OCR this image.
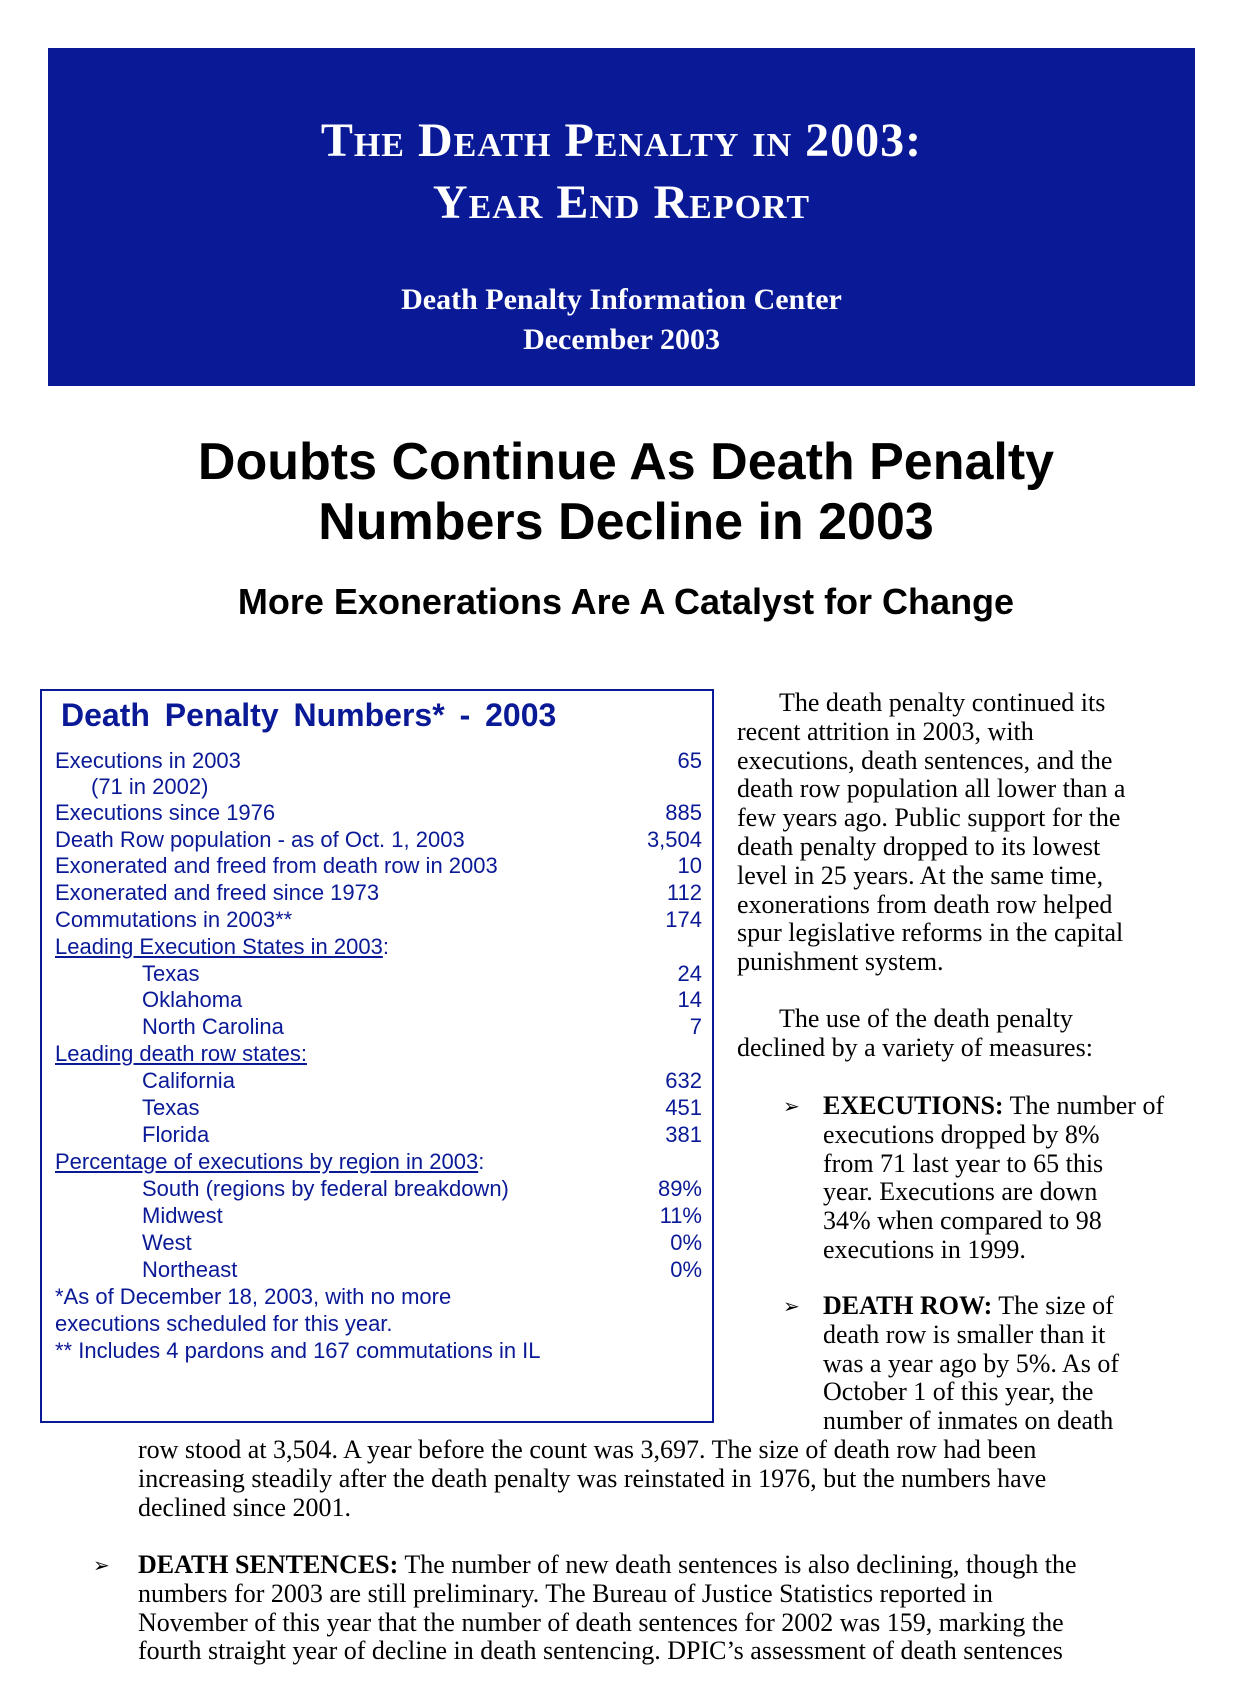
The Death Penalty in 2003:
Year End Report
Death Penalty Information Center
December 2003
Doubts Continue As Death Penalty
Numbers Decline in 2003
More Exonerations Are A Catalyst for Change
Death Penalty Numbers* - 2003
Executions in 2003	65
(71 in 2002)
Executions since 1976	885
Death Row population - as of Oct. 1, 2003	3,504
Exonerated and freed from death row in 2003	10
Exonerated and freed since 1973	112
Commutations in 2003**	174
Leading Execution States in 2003:
Texas	24
Oklahoma	14
North Carolina	7
Leading death row states:
California	632
Texas	451
Florida	381
Percentage of executions by region in 2003:
South (regions by federal breakdown)	89%
Midwest	11%
West	0%
Northeast	0%
*As of December 18, 2003, with no more
executions scheduled for this year.
** Includes 4 pardons and 167 commutations in IL
The death penalty continued its
recent attrition in 2003, with
executions, death sentences, and the
death row population all lower than a
few years ago. Public support for the
death penalty dropped to its lowest
level in 25 years. At the same time,
exonerations from death row helped
spur legislative reforms in the capital
punishment system.
The use of the death penalty
declined by a variety of measures:
➢ EXECUTIONS: The number of
executions dropped by 8%
from 71 last year to 65 this
year. Executions are down
34% when compared to 98
executions in 1999.
➢ DEATH ROW: The size of
death row is smaller than it
was a year ago by 5%. As of
October 1 of this year, the
number of inmates on death
row stood at 3,504. A year before the count was 3,697. The size of death row had been
increasing steadily after the death penalty was reinstated in 1976, but the numbers have
declined since 2001.
➢ DEATH SENTENCES: The number of new death sentences is also declining, though the
numbers for 2003 are still preliminary. The Bureau of Justice Statistics reported in
November of this year that the number of death sentences for 2002 was 159, marking the
fourth straight year of decline in death sentencing. DPIC’s assessment of death sentences
